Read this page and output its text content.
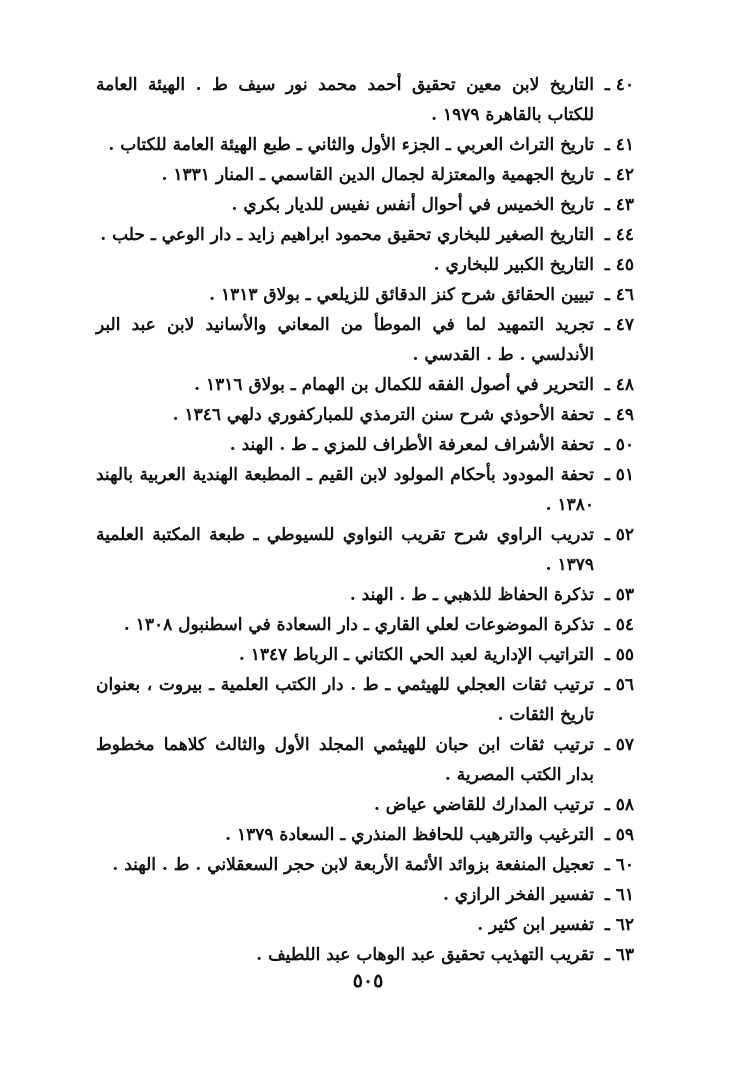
٤٠ ـ
التاريخ لابن معين تحقيق أحمد محمد نور سيف ط . الهيئة العامة للكتاب بالقاهرة ١٩٧٩ .
٤١ ـ
تاريخ التراث العربي ـ الجزء الأول والثاني ـ طبع الهيئة العامة للكتاب .
٤٢ ـ
تاريخ الجهمية والمعتزلة لجمال الدين القاسمي ـ المنار ١٣٣١ .
٤٣ ـ
تاريخ الخميس في أحوال أنفس نفيس للديار بكري .
٤٤ ـ
التاريخ الصغير للبخاري تحقيق محمود ابراهيم زايد ـ دار الوعي ـ حلب .
٤٥ ـ
التاريخ الكبير للبخاري .
٤٦ ـ
تبيين الحقائق شرح كنز الدقائق للزيلعي ـ بولاق ١٣١٣ .
٤٧ ـ
تجريد التمهيد لما في الموطأ من المعاني والأسانيد لابن عبد البر الأندلسي . ط . القدسي .
٤٨ ـ
التحرير في أصول الفقه للكمال بن الهمام ـ بولاق ١٣١٦ .
٤٩ ـ
تحفة الأحوذي شرح سنن الترمذي للمباركفوري دلهي ١٣٤٦ .
٥٠ ـ
تحفة الأشراف لمعرفة الأطراف للمزي ـ ط . الهند .
٥١ ـ
تحفة المودود بأحكام المولود لابن القيم ـ المطبعة الهندية العربية بالهند ١٣٨٠ .
٥٢ ـ
تدريب الراوي شرح تقريب النواوي للسيوطي ـ طبعة المكتبة العلمية ١٣٧٩ .
٥٣ ـ
تذكرة الحفاظ للذهبي ـ ط . الهند .
٥٤ ـ
تذكرة الموضوعات لعلي القاري ـ دار السعادة في اسطنبول ١٣٠٨ .
٥٥ ـ
التراتيب الإدارية لعبد الحي الكتاني ـ الرباط ١٣٤٧ .
٥٦ ـ
ترتيب ثقات العجلي للهيثمي ـ ط . دار الكتب العلمية ـ بيروت ، بعنوان تاريخ الثقات .
٥٧ ـ
ترتيب ثقات ابن حبان للهيثمي المجلد الأول والثالث كلاهما مخطوط بدار الكتب المصرية .
٥٨ ـ
ترتيب المدارك للقاضي عياض .
٥٩ ـ
الترغيب والترهيب للحافظ المنذري ـ السعادة ١٣٧٩ .
٦٠ ـ
تعجيل المنفعة بزوائد الأئمة الأربعة لابن حجر السعقلاني . ط . الهند .
٦١ ـ
تفسير الفخر الرازي .
٦٢ ـ
تفسير ابن كثير .
٦٣ ـ
تقريب التهذيب تحقيق عبد الوهاب عبد اللطيف .
٥٠٥
